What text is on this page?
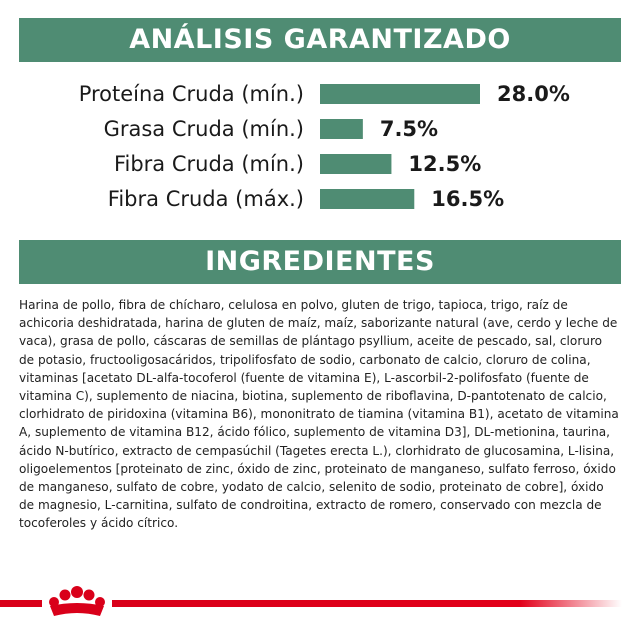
ANÁLISIS GARANTIZADO
Proteína Cruda (mín.)	28.0%
Grasa Cruda (mín.)	7.5%
Fibra Cruda (mín.)	12.5%
Fibra Cruda (máx.)	16.5%
INGREDIENTES

Harina de pollo, fibra de chícharo, celulosa en polvo, gluten de trigo, tapioca, trigo, raíz de achicoria deshidratada, harina de gluten de maíz, maíz, saborizante natural (ave, cerdo y leche de vaca), grasa de pollo, cáscaras de semillas de plántago psyllium, aceite de pescado, sal, cloruro de potasio, fructooligosacáridos, tripolifosfato de sodio, carbonato de calcio, cloruro de colina, vitaminas [acetato DL-alfa-tocoferol (fuente de vitamina E), L-ascorbil-2-polifosfato (fuente de vitamina C), suplemento de niacina, biotina, suplemento de riboflavina, D-pantotenato de calcio, clorhidrato de piridoxina (vitamina B6), mononitrato de tiamina (vitamina B1), acetato de vitamina A, suplemento de vitamina B12, ácido fólico, suplemento de vitamina D3], DL-metionina, taurina, ácido N-butírico, extracto de cempasúchil (Tagetes erecta L.), clorhidrato de glucosamina, L-lisina, oligoelementos [proteinato de zinc, óxido de zinc, proteinato de manganeso, sulfato ferroso, óxido de manganeso, sulfato de cobre, yodato de calcio, selenito de sodio, proteinato de cobre], óxido de magnesio, L-carnitina, sulfato de condroitina, extracto de romero, conservado con mezcla de tocoferoles y ácido cítrico.
